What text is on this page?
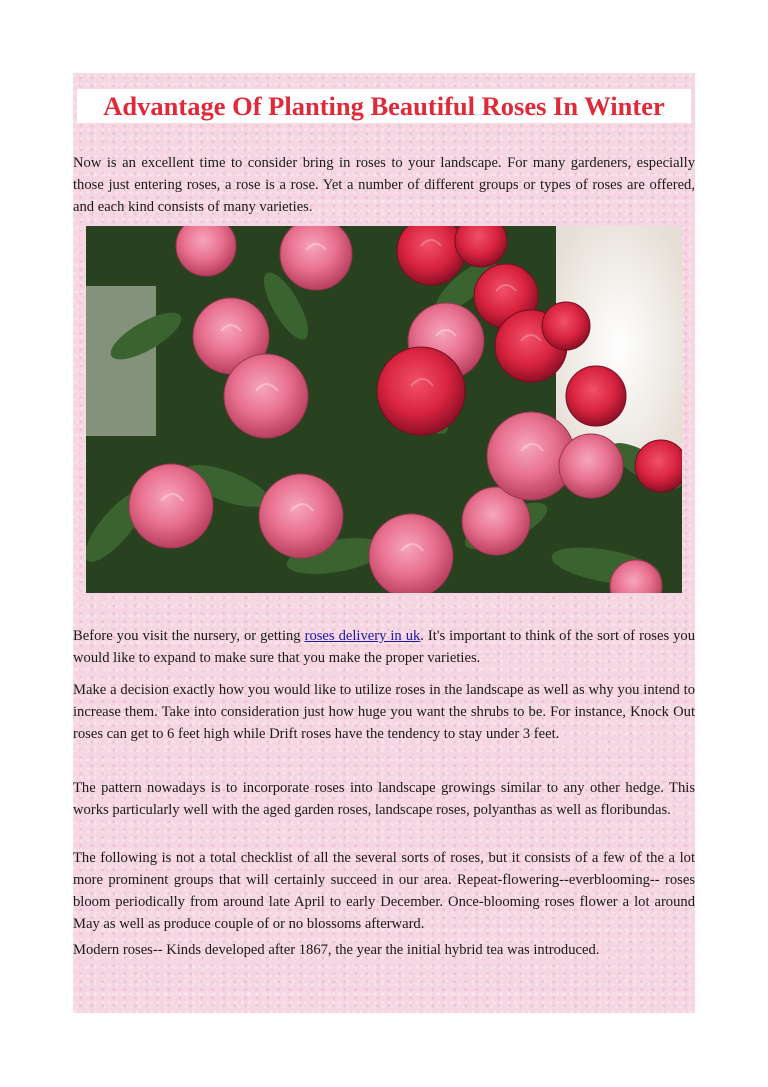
Advantage Of Planting Beautiful Roses In Winter

Now is an excellent time to consider bring in roses to your landscape. For many gardeners, especially those just entering roses, a rose is a rose. Yet a number of different groups or types of roses are offered, and each kind consists of many varieties.

Before you visit the nursery, or getting roses delivery in uk. It's important to think of the sort of roses you would like to expand to make sure that you make the proper varieties.

Make a decision exactly how you would like to utilize roses in the landscape as well as why you intend to increase them. Take into consideration just how huge you want the shrubs to be. For instance, Knock Out roses can get to 6 feet high while Drift roses have the tendency to stay under 3 feet.

The pattern nowadays is to incorporate roses into landscape growings similar to any other hedge. This works particularly well with the aged garden roses, landscape roses, polyanthas as well as floribundas.

The following is not a total checklist of all the several sorts of roses, but it consists of a few of the a lot more prominent groups that will certainly succeed in our area. Repeat-flowering--everblooming-- roses bloom periodically from around late April to early December. Once-blooming roses flower a lot around May as well as produce couple of or no blossoms afterward.

Modern roses-- Kinds developed after 1867, the year the initial hybrid tea was introduced.
